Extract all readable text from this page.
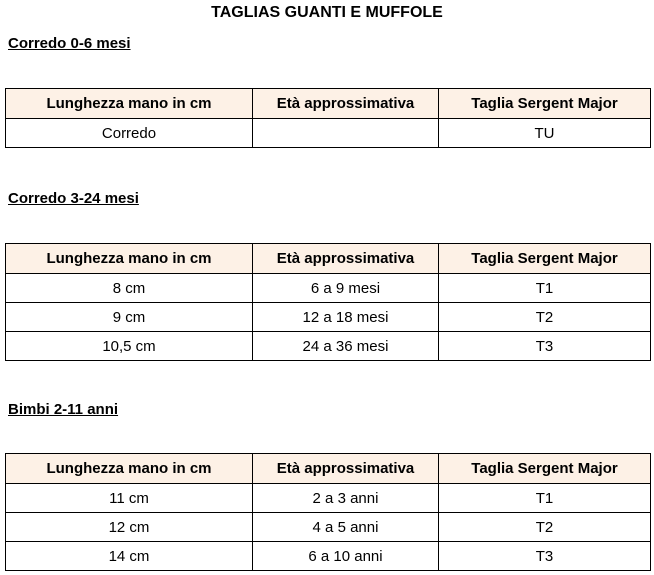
TAGLIAS GUANTI E MUFFOLE
Corredo 0-6 mesi
Lunghezza mano in cm	Età approssimativa	Taglia Sergent Major
Corredo		TU
Corredo 3-24 mesi
Lunghezza mano in cm	Età approssimativa	Taglia Sergent Major
8 cm	6 a 9 mesi	T1
9 cm	12 a 18 mesi	T2
10,5 cm	24 a 36 mesi	T3
Bimbi 2-11 anni
Lunghezza mano in cm	Età approssimativa	Taglia Sergent Major
11 cm	2 a 3 anni	T1
12 cm	4 a 5 anni	T2
14 cm	6 a 10 anni	T3
